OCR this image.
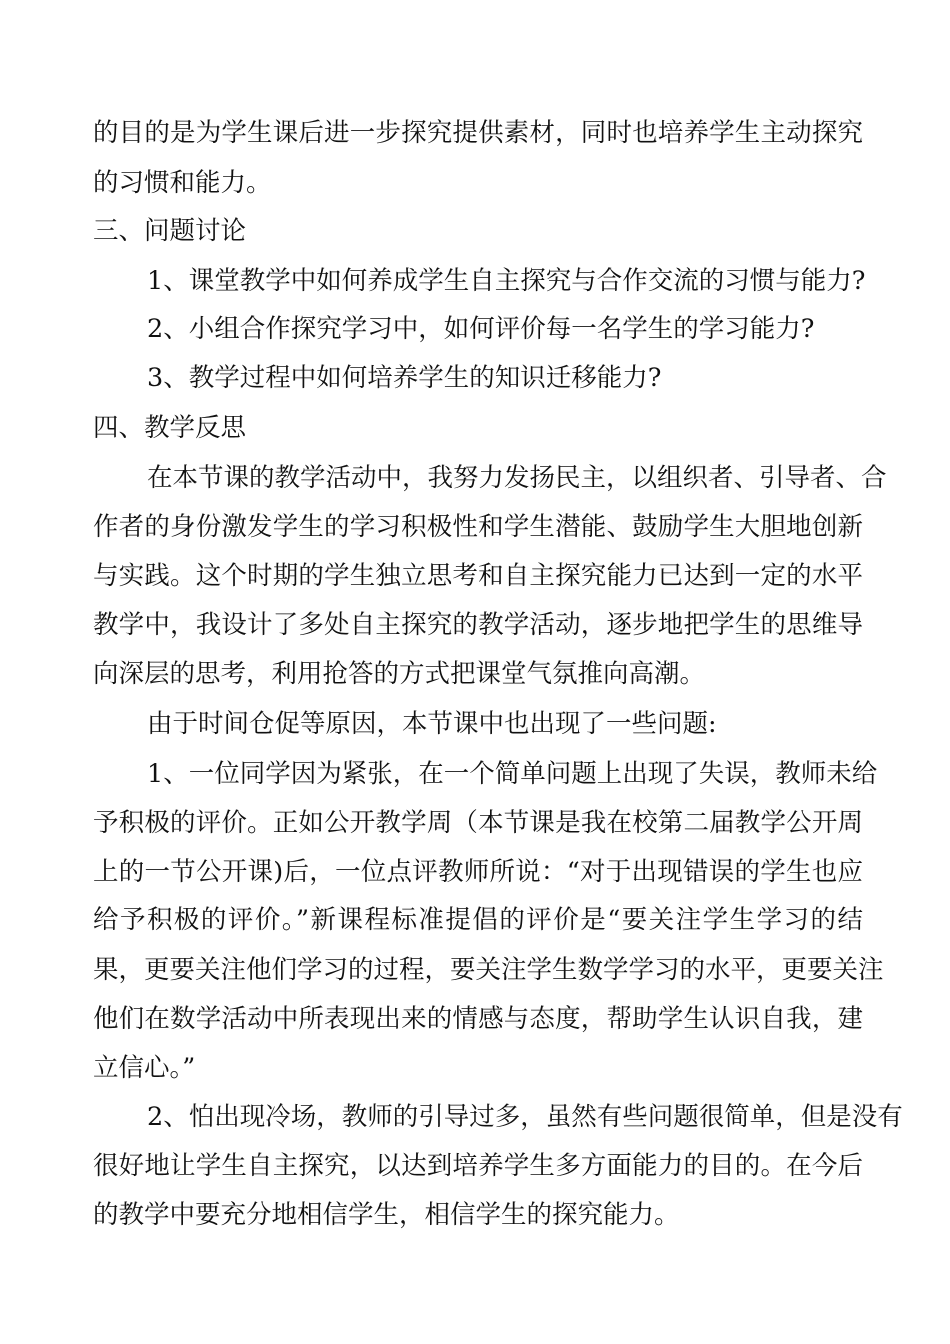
的目的是为学生课后进一步探究提供素材，同时也培养学生主动探究
的习惯和能力。
三、问题讨论
1、课堂教学中如何养成学生自主探究与合作交流的习惯与能力?
2、小组合作探究学习中，如何评价每一名学生的学习能力?
3、教学过程中如何培养学生的知识迁移能力?
四、教学反思
在本节课的教学活动中，我努力发扬民主，以组织者、引导者、合
作者的身份激发学生的学习积极性和学生潜能、鼓励学生大胆地创新
与实践。这个时期的学生独立思考和自主探究能力已达到一定的水平
教学中，我设计了多处自主探究的教学活动，逐步地把学生的思维导
向深层的思考，利用抢答的方式把课堂气氛推向高潮。
由于时间仓促等原因，本节课中也出现了一些问题:
1、一位同学因为紧张，在一个简单问题上出现了失误，教师未给
予积极的评价。正如公开教学周（本节课是我在校第二届教学公开周
上的一节公开课)后，一位点评教师所说：“对于出现错误的学生也应
给予积极的评价。”新课程标准提倡的评价是“要关注学生学习的结
果，更要关注他们学习的过程，要关注学生数学学习的水平，更要关注
他们在数学活动中所表现出来的情感与态度，帮助学生认识自我，建
立信心。”
2、怕出现冷场，教师的引导过多，虽然有些问题很简单，但是没有
很好地让学生自主探究，以达到培养学生多方面能力的目的。在今后
的教学中要充分地相信学生，相信学生的探究能力。
